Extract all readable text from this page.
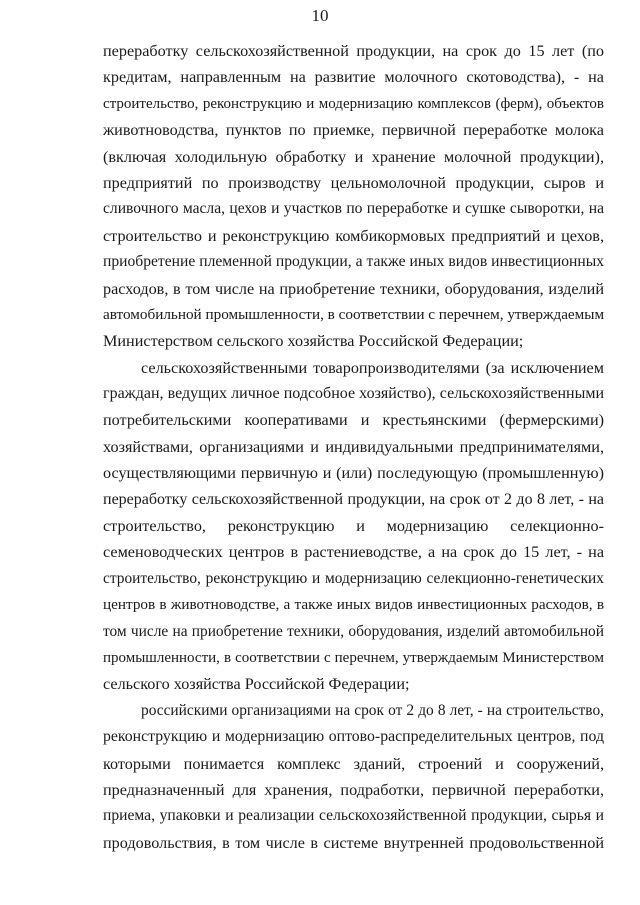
10
переработку сельскохозяйственной продукции, на срок до 15 лет (по
кредитам, направленным на развитие молочного скотоводства), - на
строительство, реконструкцию и модернизацию комплексов (ферм), объектов
животноводства, пунктов по приемке, первичной переработке молока
(включая холодильную обработку и хранение молочной продукции),
предприятий по производству цельномолочной продукции, сыров и
сливочного масла, цехов и участков по переработке и сушке сыворотки, на
строительство и реконструкцию комбикормовых предприятий и цехов,
приобретение племенной продукции, а также иных видов инвестиционных
расходов, в том числе на приобретение техники, оборудования, изделий
автомобильной промышленности, в соответствии с перечнем, утверждаемым
Министерством сельского хозяйства Российской Федерации;
сельскохозяйственными товаропроизводителями (за исключением
граждан, ведущих личное подсобное хозяйство), сельскохозяйственными
потребительскими кооперативами и крестьянскими (фермерскими)
хозяйствами, организациями и индивидуальными предпринимателями,
осуществляющими первичную и (или) последующую (промышленную)
переработку сельскохозяйственной продукции, на срок от 2 до 8 лет, - на
строительство, реконструкцию и модернизацию селекционно-
семеноводческих центров в растениеводстве, а на срок до 15 лет, - на
строительство, реконструкцию и модернизацию селекционно-генетических
центров в животноводстве, а также иных видов инвестиционных расходов, в
том числе на приобретение техники, оборудования, изделий автомобильной
промышленности, в соответствии с перечнем, утверждаемым Министерством
сельского хозяйства Российской Федерации;
российскими организациями на срок от 2 до 8 лет, - на строительство,
реконструкцию и модернизацию оптово-распределительных центров, под
которыми понимается комплекс зданий, строений и сооружений,
предназначенный для хранения, подработки, первичной переработки,
приема, упаковки и реализации сельскохозяйственной продукции, сырья и
продовольствия, в том числе в системе внутренней продовольственной
